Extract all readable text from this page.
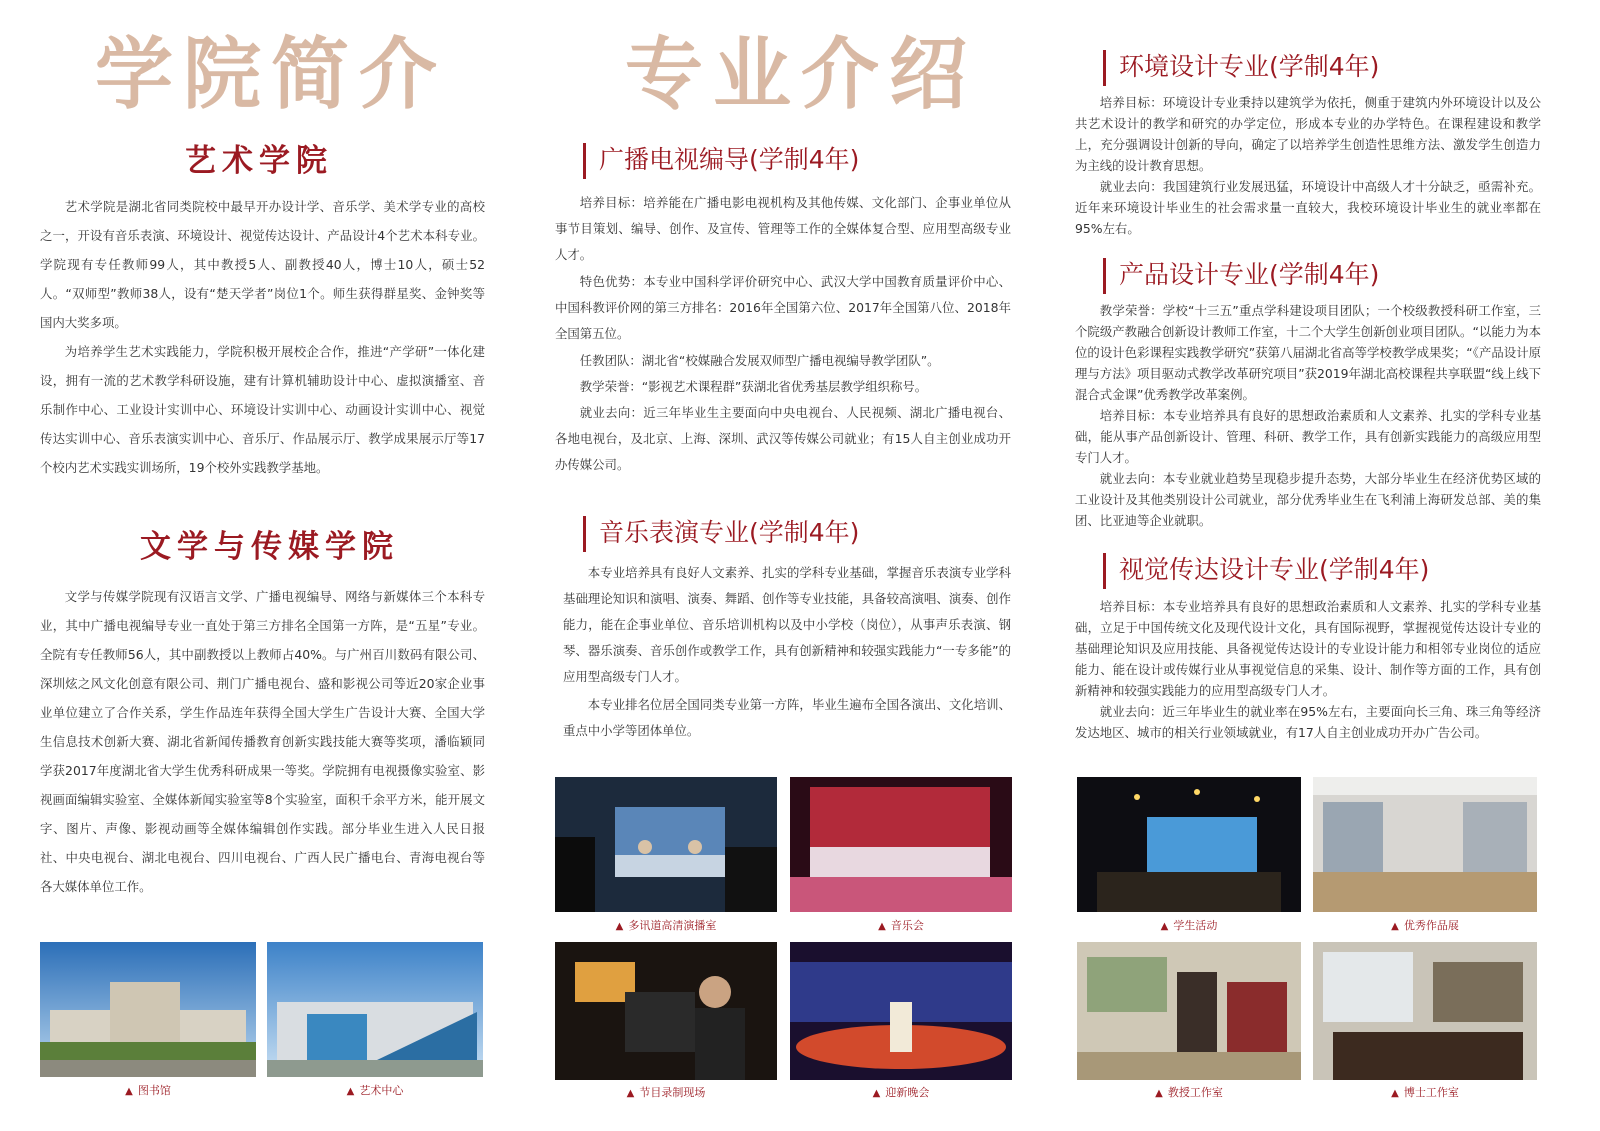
学院简介
艺术学院

艺术学院是湖北省同类院校中最早开办设计学、音乐学、美术学专业的高校之一，开设有音乐表演、环境设计、视觉传达设计、产品设计4个艺术本科专业。学院现有专任教师99人，其中教授5人、副教授40人，博士10人，硕士52人。“双师型”教师38人，设有“楚天学者”岗位1个。师生获得群星奖、金钟奖等国内大奖多项。

为培养学生艺术实践能力，学院积极开展校企合作，推进“产学研”一体化建设，拥有一流的艺术教学科研设施，建有计算机辅助设计中心、虚拟演播室、音乐制作中心、工业设计实训中心、环境设计实训中心、动画设计实训中心、视觉传达实训中心、音乐表演实训中心、音乐厅、作品展示厅、教学成果展示厅等17个校内艺术实践实训场所，19个校外实践教学基地。

文学与传媒学院

文学与传媒学院现有汉语言文学、广播电视编导、网络与新媒体三个本科专业，其中广播电视编导专业一直处于第三方排名全国第一方阵，是“五星”专业。全院有专任教师56人，其中副教授以上教师占40%。与广州百川数码有限公司、深圳炫之风文化创意有限公司、荆门广播电视台、盛和影视公司等近20家企业事业单位建立了合作关系，学生作品连年获得全国大学生广告设计大赛、全国大学生信息技术创新大赛、湖北省新闻传播教育创新实践技能大赛等奖项，潘临颖同学获2017年度湖北省大学生优秀科研成果一等奖。学院拥有电视摄像实验室、影视画面编辑实验室、全媒体新闻实验室等8个实验室，面积千余平方米，能开展文字、图片、声像、影视动画等全媒体编辑创作实践。部分毕业生进入人民日报社、中央电视台、湖北电视台、四川电视台、广西人民广播电台、青海电视台等各大媒体单位工作。

▲ 图书馆	▲ 艺术中心
专业介绍
广播电视编导(学制4年)

培养目标：培养能在广播电影电视机构及其他传媒、文化部门、企事业单位从事节目策划、编导、创作、及宣传、管理等工作的全媒体复合型、应用型高级专业人才。

特色优势：本专业中国科学评价研究中心、武汉大学中国教育质量评价中心、中国科教评价网的第三方排名：2016年全国第六位、2017年全国第八位、2018年全国第五位。

任教团队：湖北省“校媒融合发展双师型广播电视编导教学团队”。

教学荣誉：“影视艺术课程群”获湖北省优秀基层教学组织称号。

就业去向：近三年毕业生主要面向中央电视台、人民视频、湖北广播电视台、各地电视台，及北京、上海、深圳、武汉等传媒公司就业；有15人自主创业成功开办传媒公司。

音乐表演专业(学制4年)

本专业培养具有良好人文素养、扎实的学科专业基础，掌握音乐表演专业学科基础理论知识和演唱、演奏、舞蹈、创作等专业技能，具备较高演唱、演奏、创作能力，能在企事业单位、音乐培训机构以及中小学校（岗位），从事声乐表演、钢琴、器乐演奏、音乐创作或教学工作，具有创新精神和较强实践能力“一专多能”的应用型高级专门人才。

本专业排名位居全国同类专业第一方阵，毕业生遍布全国各演出、文化培训、重点中小学等团体单位。

▲ 多讯道高清演播室	▲ 音乐会
▲ 节目录制现场	▲ 迎新晚会
环境设计专业(学制4年)

培养目标：环境设计专业秉持以建筑学为依托，侧重于建筑内外环境设计以及公共艺术设计的教学和研究的办学定位，形成本专业的办学特色。在课程建设和教学上，充分强调设计创新的导向，确定了以培养学生创造性思维方法、激发学生创造力为主线的设计教育思想。

就业去向：我国建筑行业发展迅猛，环境设计中高级人才十分缺乏，亟需补充。近年来环境设计毕业生的社会需求量一直较大，我校环境设计毕业生的就业率都在95%左右。

产品设计专业(学制4年)

教学荣誉：学校“十三五”重点学科建设项目团队；一个校级教授科研工作室，三个院级产教融合创新设计教师工作室，十二个大学生创新创业项目团队。“以能力为本位的设计色彩课程实践教学研究”获第八届湖北省高等学校教学成果奖；“《产品设计原理与方法》项目驱动式教学改革研究项目”获2019年湖北高校课程共享联盟“线上线下混合式金课”优秀教学改革案例。

培养目标：本专业培养具有良好的思想政治素质和人文素养、扎实的学科专业基础，能从事产品创新设计、管理、科研、教学工作，具有创新实践能力的高级应用型专门人才。

就业去向：本专业就业趋势呈现稳步提升态势，大部分毕业生在经济优势区域的工业设计及其他类别设计公司就业，部分优秀毕业生在飞利浦上海研发总部、美的集团、比亚迪等企业就职。

视觉传达设计专业(学制4年)

培养目标：本专业培养具有良好的思想政治素质和人文素养、扎实的学科专业基础，立足于中国传统文化及现代设计文化，具有国际视野，掌握视觉传达设计专业的基础理论知识及应用技能、具备视觉传达设计的专业设计能力和相邻专业岗位的适应能力、能在设计或传媒行业从事视觉信息的采集、设计、制作等方面的工作，具有创新精神和较强实践能力的应用型高级专门人才。

就业去向：近三年毕业生的就业率在95%左右，主要面向长三角、珠三角等经济发达地区、城市的相关行业领域就业，有17人自主创业成功开办广告公司。

▲ 学生活动	▲ 优秀作品展
▲ 教授工作室	▲ 博士工作室
